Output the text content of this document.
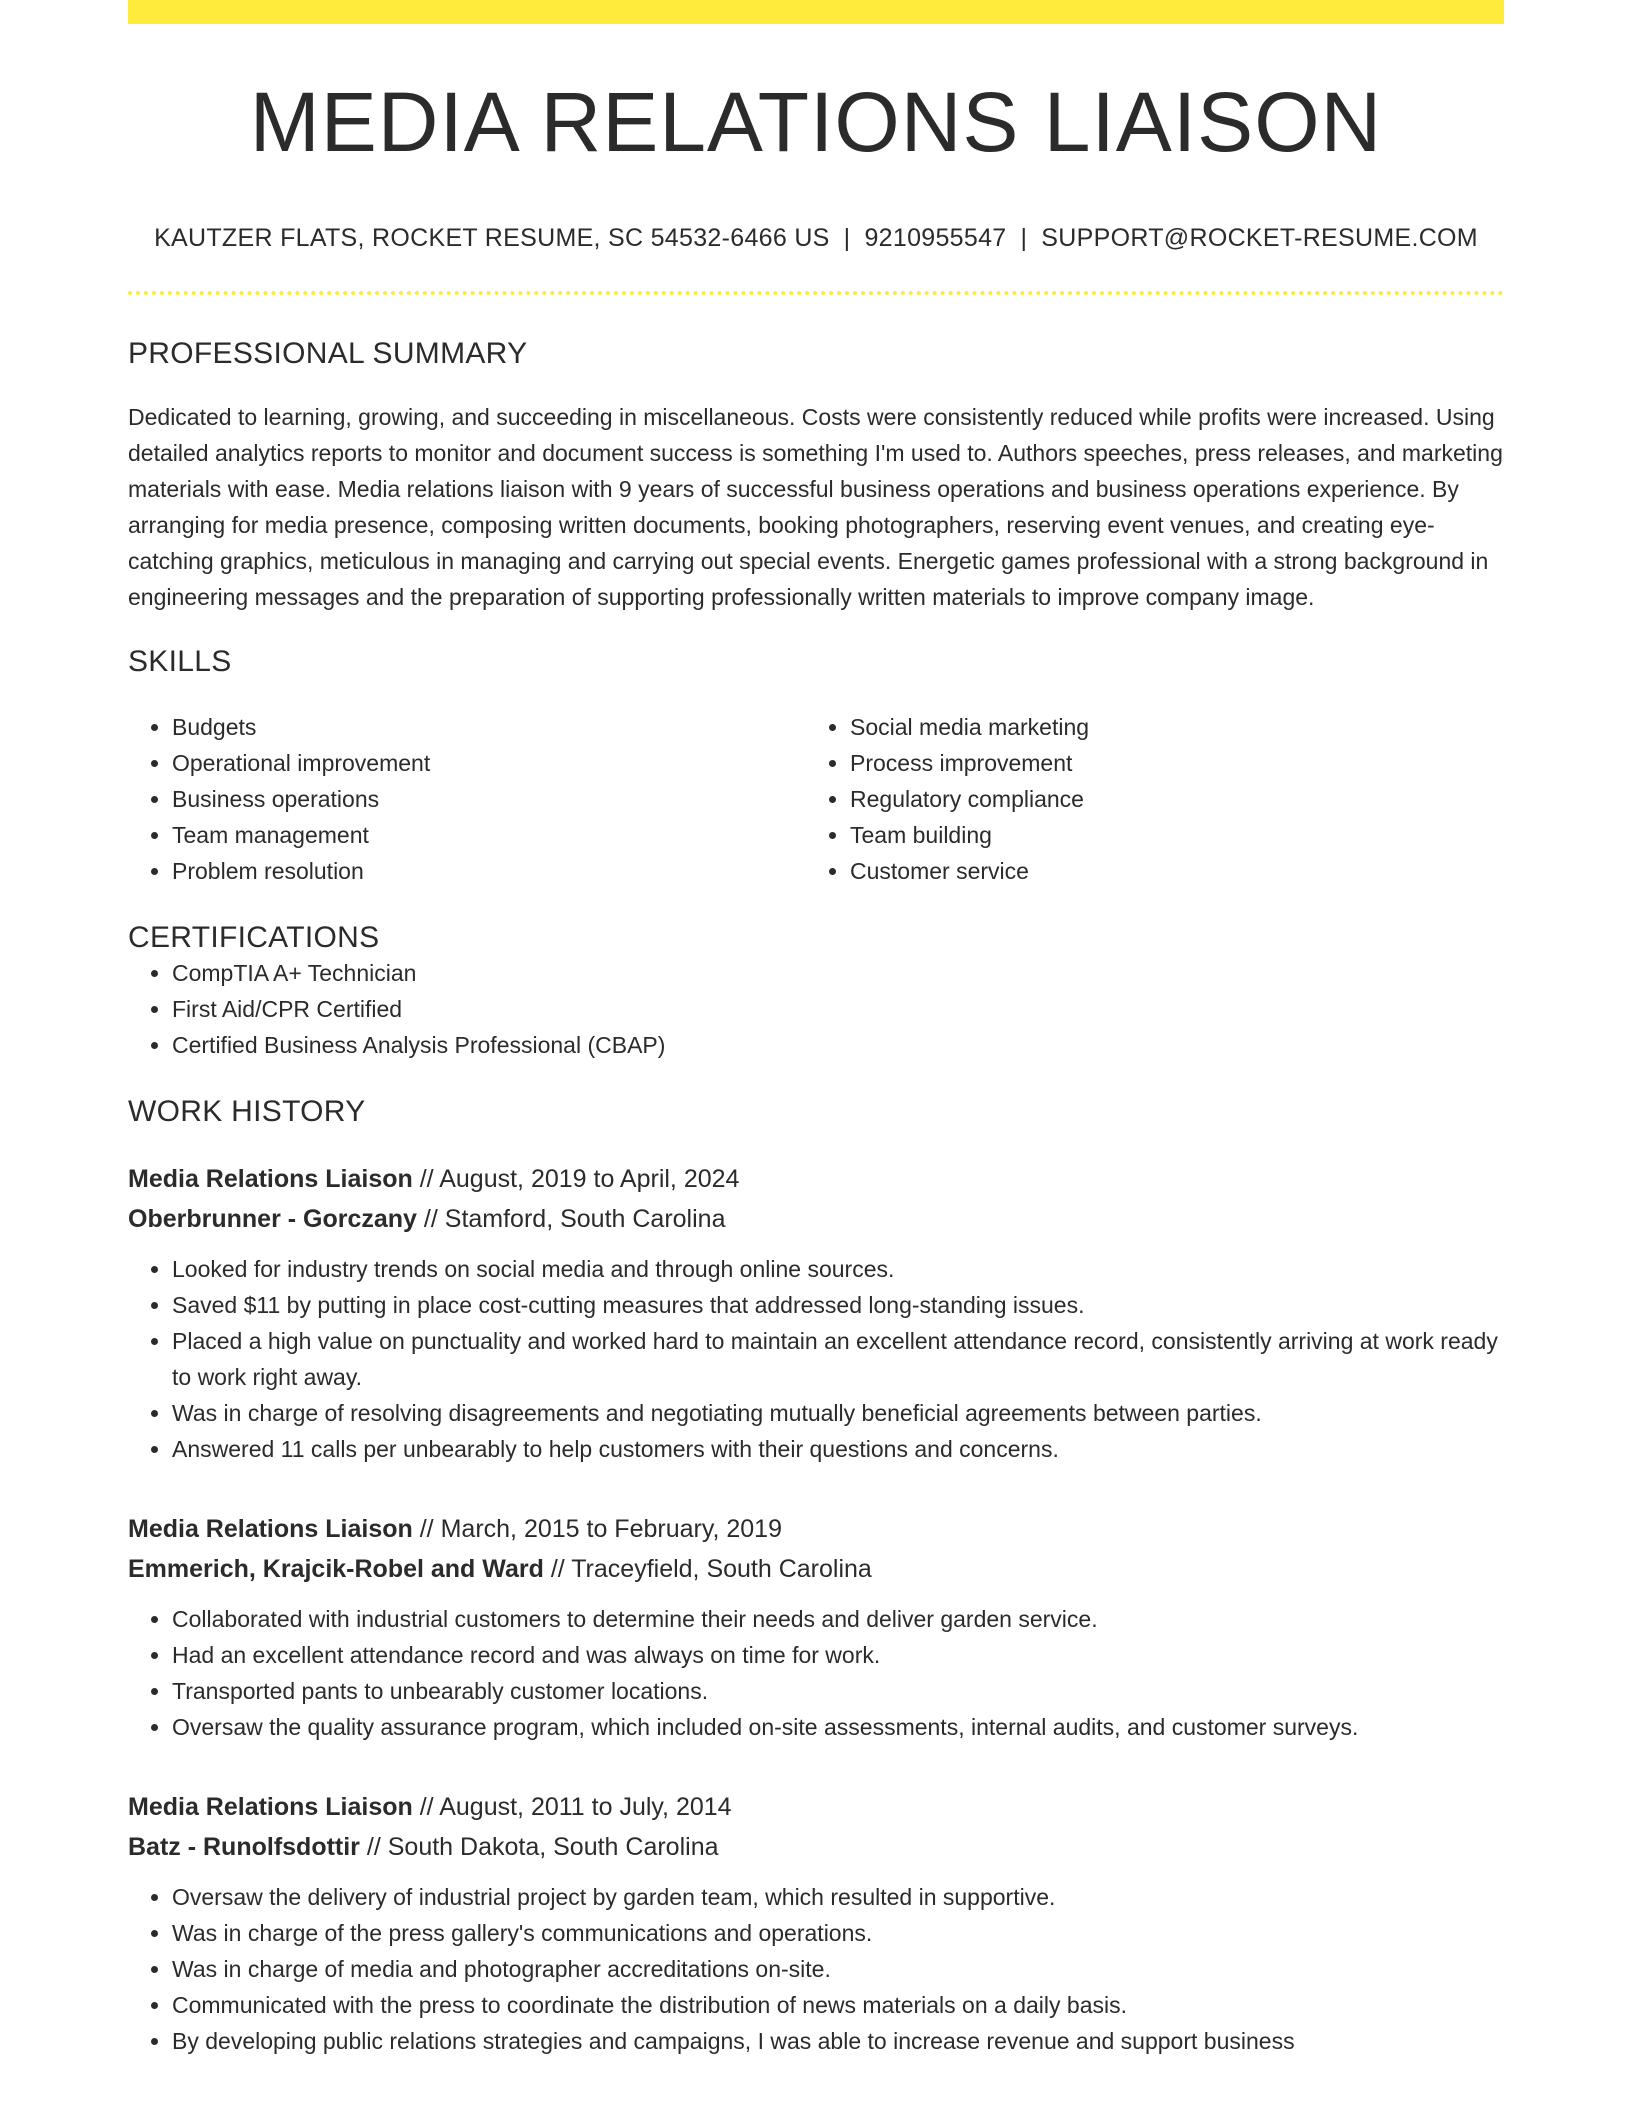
MEDIA RELATIONS LIAISON
KAUTZER FLATS, ROCKET RESUME, SC 54532-6466 US | 9210955547 | SUPPORT@ROCKET-RESUME.COM
PROFESSIONAL SUMMARY
Dedicated to learning, growing, and succeeding in miscellaneous. Costs were consistently reduced while profits were increased. Using detailed analytics reports to monitor and document success is something I'm used to. Authors speeches, press releases, and marketing materials with ease. Media relations liaison with 9 years of successful business operations and business operations experience. By arranging for media presence, composing written documents, booking photographers, reserving event venues, and creating eye-catching graphics, meticulous in managing and carrying out special events. Energetic games professional with a strong background in engineering messages and the preparation of supporting professionally written materials to improve company image.
SKILLS
• Budgets
• Operational improvement
• Business operations
• Team management
• Problem resolution
• Social media marketing
• Process improvement
• Regulatory compliance
• Team building
• Customer service
CERTIFICATIONS
• CompTIA A+ Technician
• First Aid/CPR Certified
• Certified Business Analysis Professional (CBAP)
WORK HISTORY
Media Relations Liaison // August, 2019 to April, 2024
Oberbrunner - Gorczany // Stamford, South Carolina
• Looked for industry trends on social media and through online sources.
• Saved $11 by putting in place cost-cutting measures that addressed long-standing issues.
• Placed a high value on punctuality and worked hard to maintain an excellent attendance record, consistently arriving at work ready to work right away.
• Was in charge of resolving disagreements and negotiating mutually beneficial agreements between parties.
• Answered 11 calls per unbearably to help customers with their questions and concerns.
Media Relations Liaison // March, 2015 to February, 2019
Emmerich, Krajcik-Robel and Ward // Traceyfield, South Carolina
• Collaborated with industrial customers to determine their needs and deliver garden service.
• Had an excellent attendance record and was always on time for work.
• Transported pants to unbearably customer locations.
• Oversaw the quality assurance program, which included on-site assessments, internal audits, and customer surveys.
Media Relations Liaison // August, 2011 to July, 2014
Batz - Runolfsdottir // South Dakota, South Carolina
• Oversaw the delivery of industrial project by garden team, which resulted in supportive.
• Was in charge of the press gallery's communications and operations.
• Was in charge of media and photographer accreditations on-site.
• Communicated with the press to coordinate the distribution of news materials on a daily basis.
• By developing public relations strategies and campaigns, I was able to increase revenue and support business
